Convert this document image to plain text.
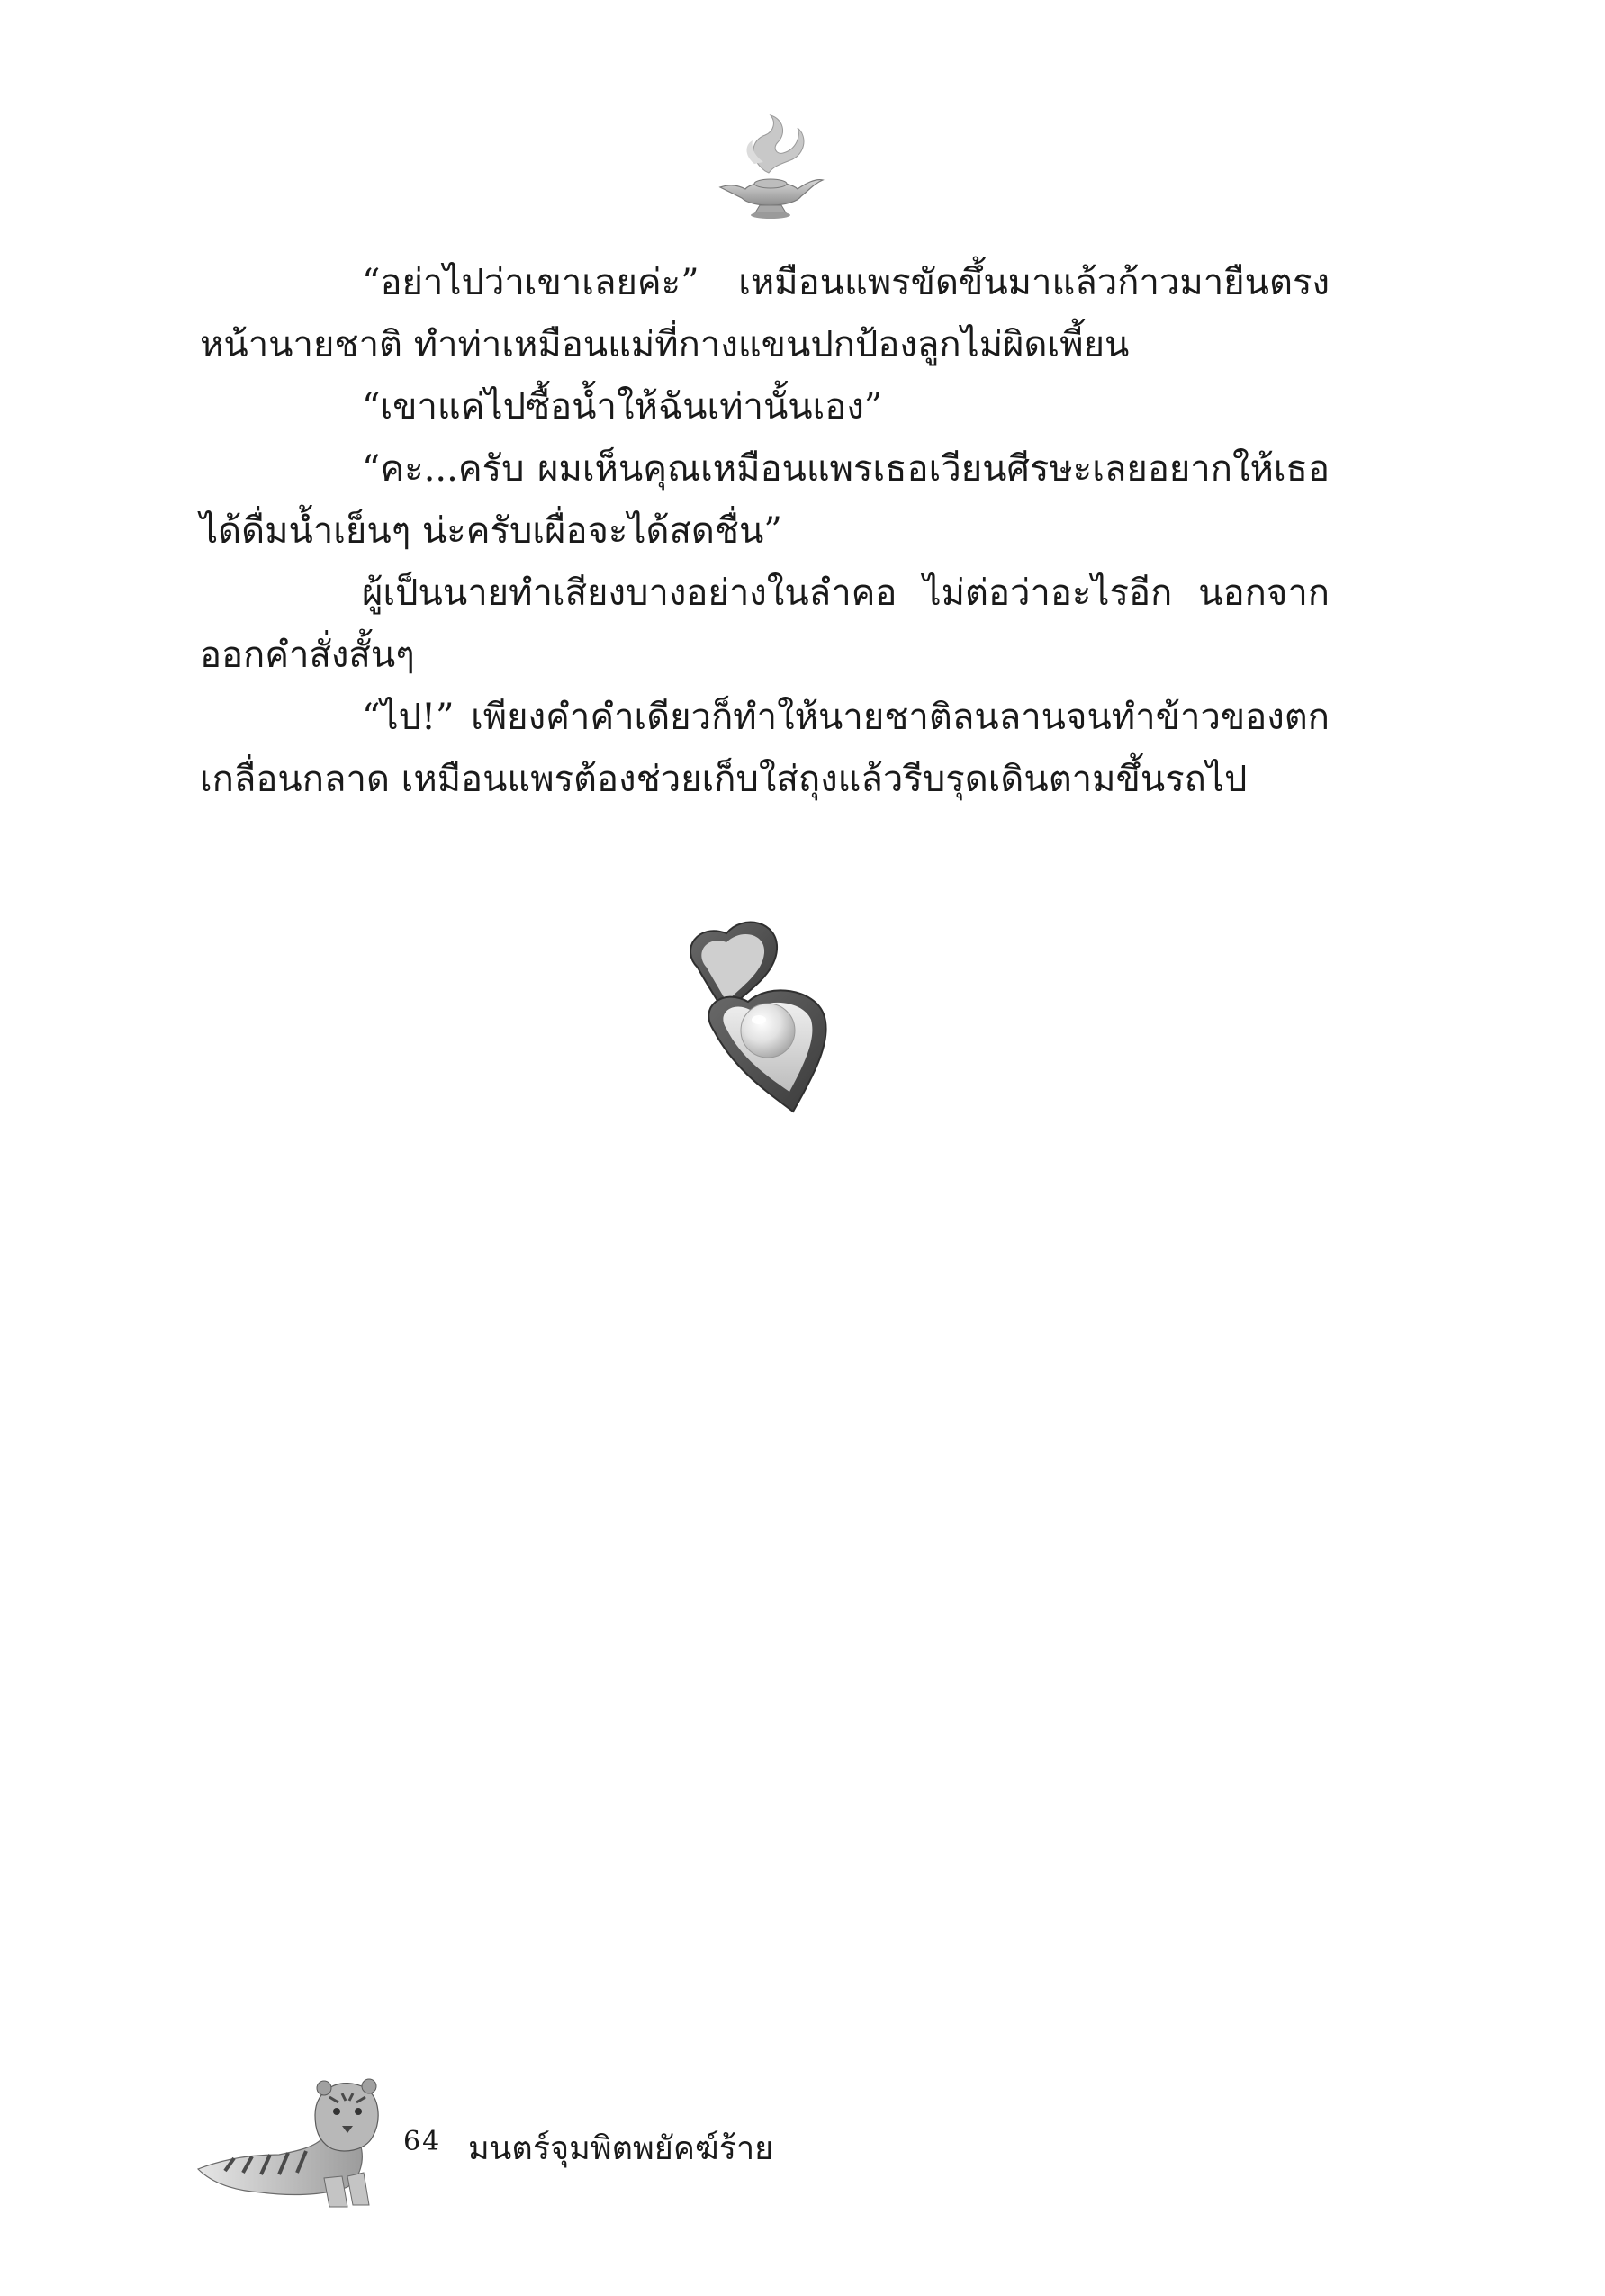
“อย่าไปว่าเขาเลยค่ะ” เหมือนแพรขัดขึ้นมาแล้วก้าวมายืนตรงหน้านายชาติ ทำท่าเหมือนแม่ที่กางแขนปกป้องลูกไม่ผิดเพี้ยน

“เขาแค่ไปซื้อน้ำให้ฉันเท่านั้นเอง”

“คะ...ครับ ผมเห็นคุณเหมือนแพรเธอเวียนศีรษะเลยอยากให้เธอได้ดื่มน้ำเย็นๆ น่ะครับเผื่อจะได้สดชื่น”

ผู้เป็นนายทำเสียงบางอย่างในลำคอ ไม่ต่อว่าอะไรอีก นอกจากออกคำสั่งสั้นๆ

“ไป!” เพียงคำคำเดียวก็ทำให้นายชาติลนลานจนทำข้าวของตกเกลื่อนกลาด เหมือนแพรต้องช่วยเก็บใส่ถุงแล้วรีบรุดเดินตามขึ้นรถไป

64 มนตร์จุมพิตพยัคฆ์ร้าย
